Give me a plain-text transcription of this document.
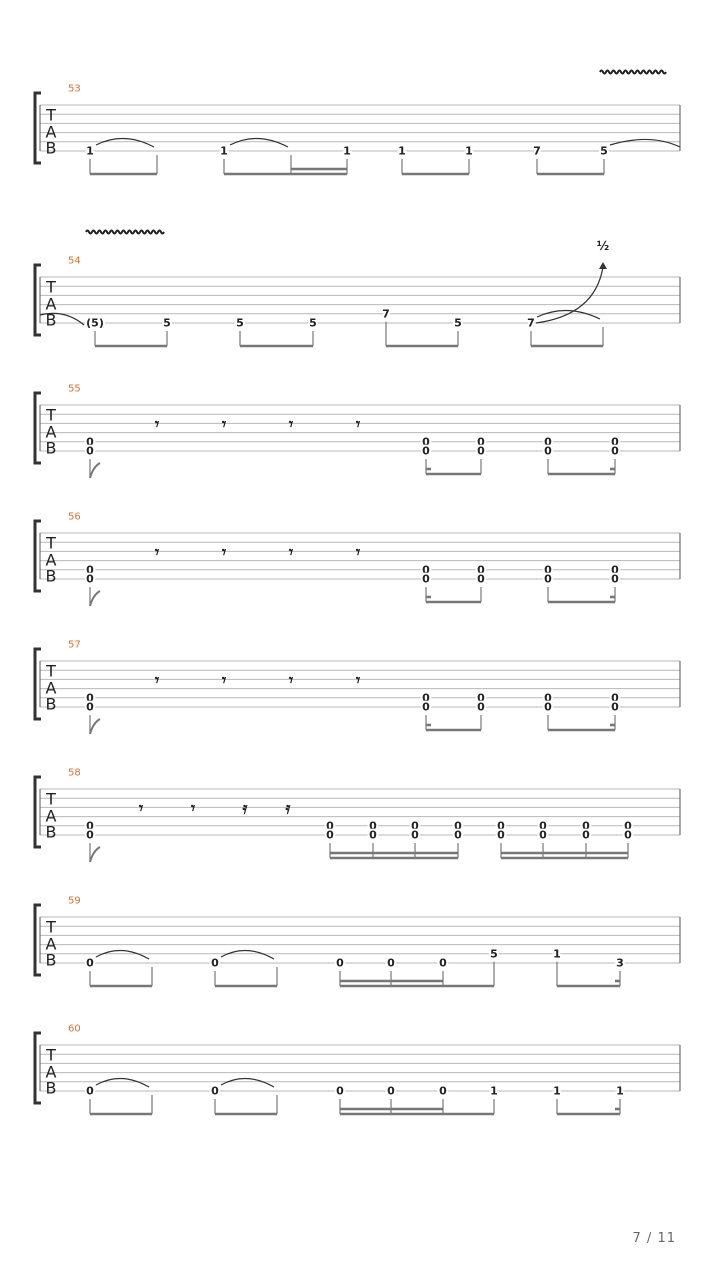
T
A
B
53
1	1	1	1	1	7	5
T
A
B
54
(5)	5	5	5
7
5	7
½
T
A
B
55
0
0
0
0
0
0
0
0
0
0
𝄾	𝄾	𝄾	𝄾
T
A
B
56
0
0
0
0
0
0
0
0
0
0
𝄾	𝄾	𝄾	𝄾
T
A
B
57
0
0
0
0
0
0
0
0
0
0
𝄾	𝄾	𝄾	𝄾
T
A
B
58
0
0
0
0
0
0
0
0
0
0
0
0
0
0
0
0
0
0
𝄾	𝄾	𝄿 𝄿
T
A
B
59
0	0	0	0	0
5	1
3
T
A
B
60
0	0	0	0	0	1	1	1
7 / 11
